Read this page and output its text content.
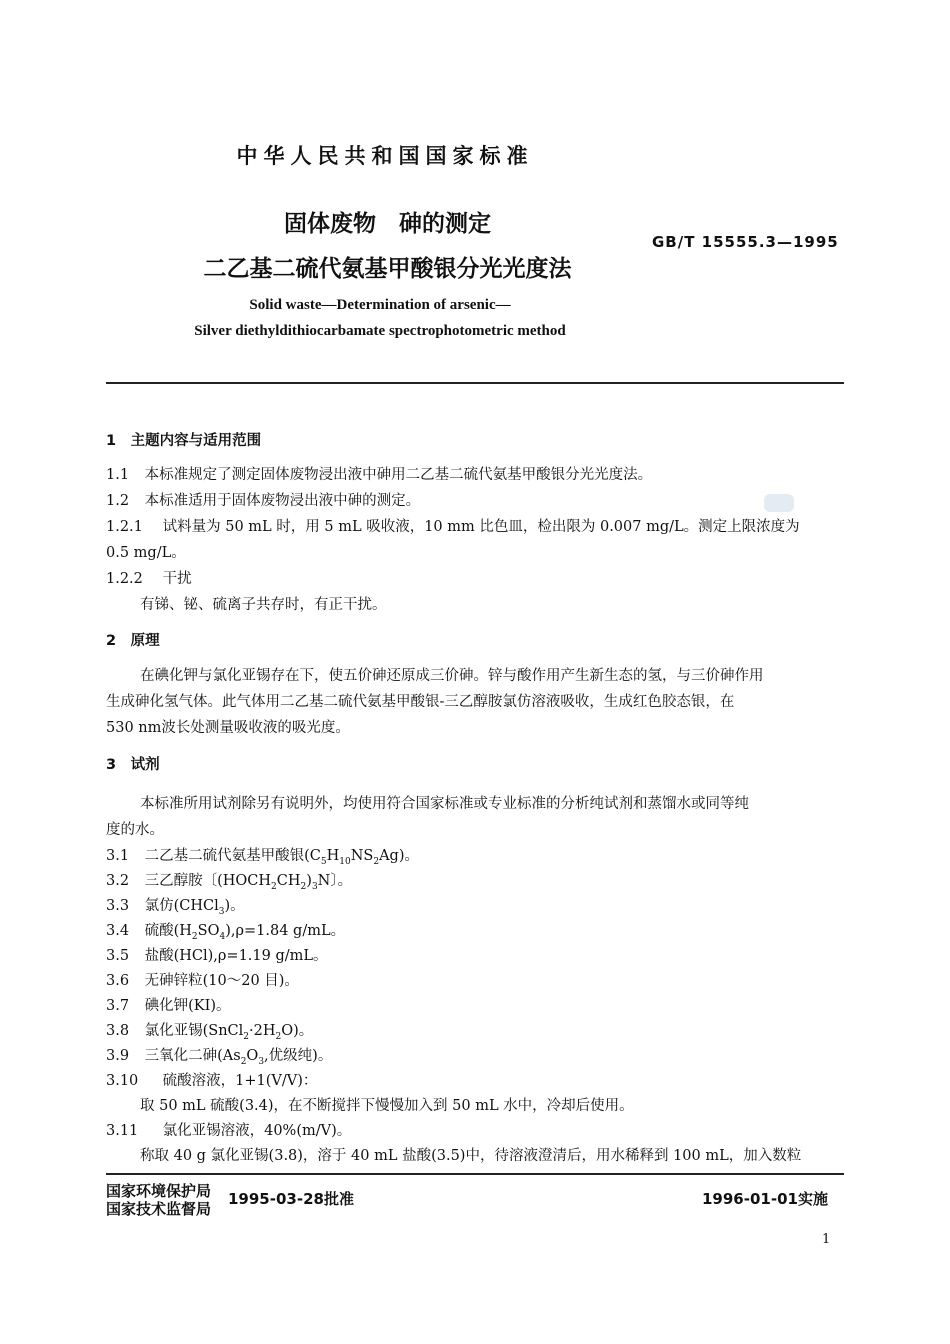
中华人民共和国国家标准
固体废物　砷的测定
二乙基二硫代氨基甲酸银分光光度法
GB/T 15555.3—1995
Solid waste—Determination of arsenic—
Silver diethyldithiocarbamate spectrophotometric method
1　主题内容与适用范围
1.1 本标准规定了测定固体废物浸出液中砷用二乙基二硫代氨基甲酸银分光光度法。
1.2 本标准适用于固体废物浸出液中砷的测定。
1.2.1 试料量为 50 mL 时，用 5 mL 吸收液，10 mm 比色皿，检出限为 0.007 mg/L。测定上限浓度为
0.5 mg/L。
1.2.2 干扰
有锑、铋、硫离子共存时，有正干扰。
2　原理
在碘化钾与氯化亚锡存在下，使五价砷还原成三价砷。锌与酸作用产生新生态的氢，与三价砷作用
生成砷化氢气体。此气体用二乙基二硫代氨基甲酸银-三乙醇胺氯仿溶液吸收，生成红色胶态银，在
530 nm波长处测量吸收液的吸光度。
3　试剂
本标准所用试剂除另有说明外，均使用符合国家标准或专业标准的分析纯试剂和蒸馏水或同等纯
度的水。
3.1 二乙基二硫代氨基甲酸银$(C_5H_{10}NS_2Ag)$。
3.2 三乙醇胺〔$(HOCH_2CH_2)_3N$〕。
3.3 氯仿(CHCl$_3$)。
3.4 硫酸$(H_2SO_4),\rho=1.84$ g/mL。
3.5 盐酸(HCl),ρ=1.19 g/mL。
3.6 无砷锌粒(10～20 目)。
3.7 碘化钾(KI)。
3.8 氯化亚锡$(SnCl_2\cdot 2H_2O)$。
3.9 三氧化二砷($As_2O_3$,优级纯)。
3.10 硫酸溶液，1+1(V/V)：
取 50 mL 硫酸(3.4)，在不断搅拌下慢慢加入到 50 mL 水中，冷却后使用。
3.11 氯化亚锡溶液，40%(m/V)。
称取 40 g 氯化亚锡(3.8)，溶于 40 mL 盐酸(3.5)中，待溶液澄清后，用水稀释到 100 mL，加入数粒
国家环境保护局
国家技术监督局
1995-03-28批准	1996-01-01实施
1
